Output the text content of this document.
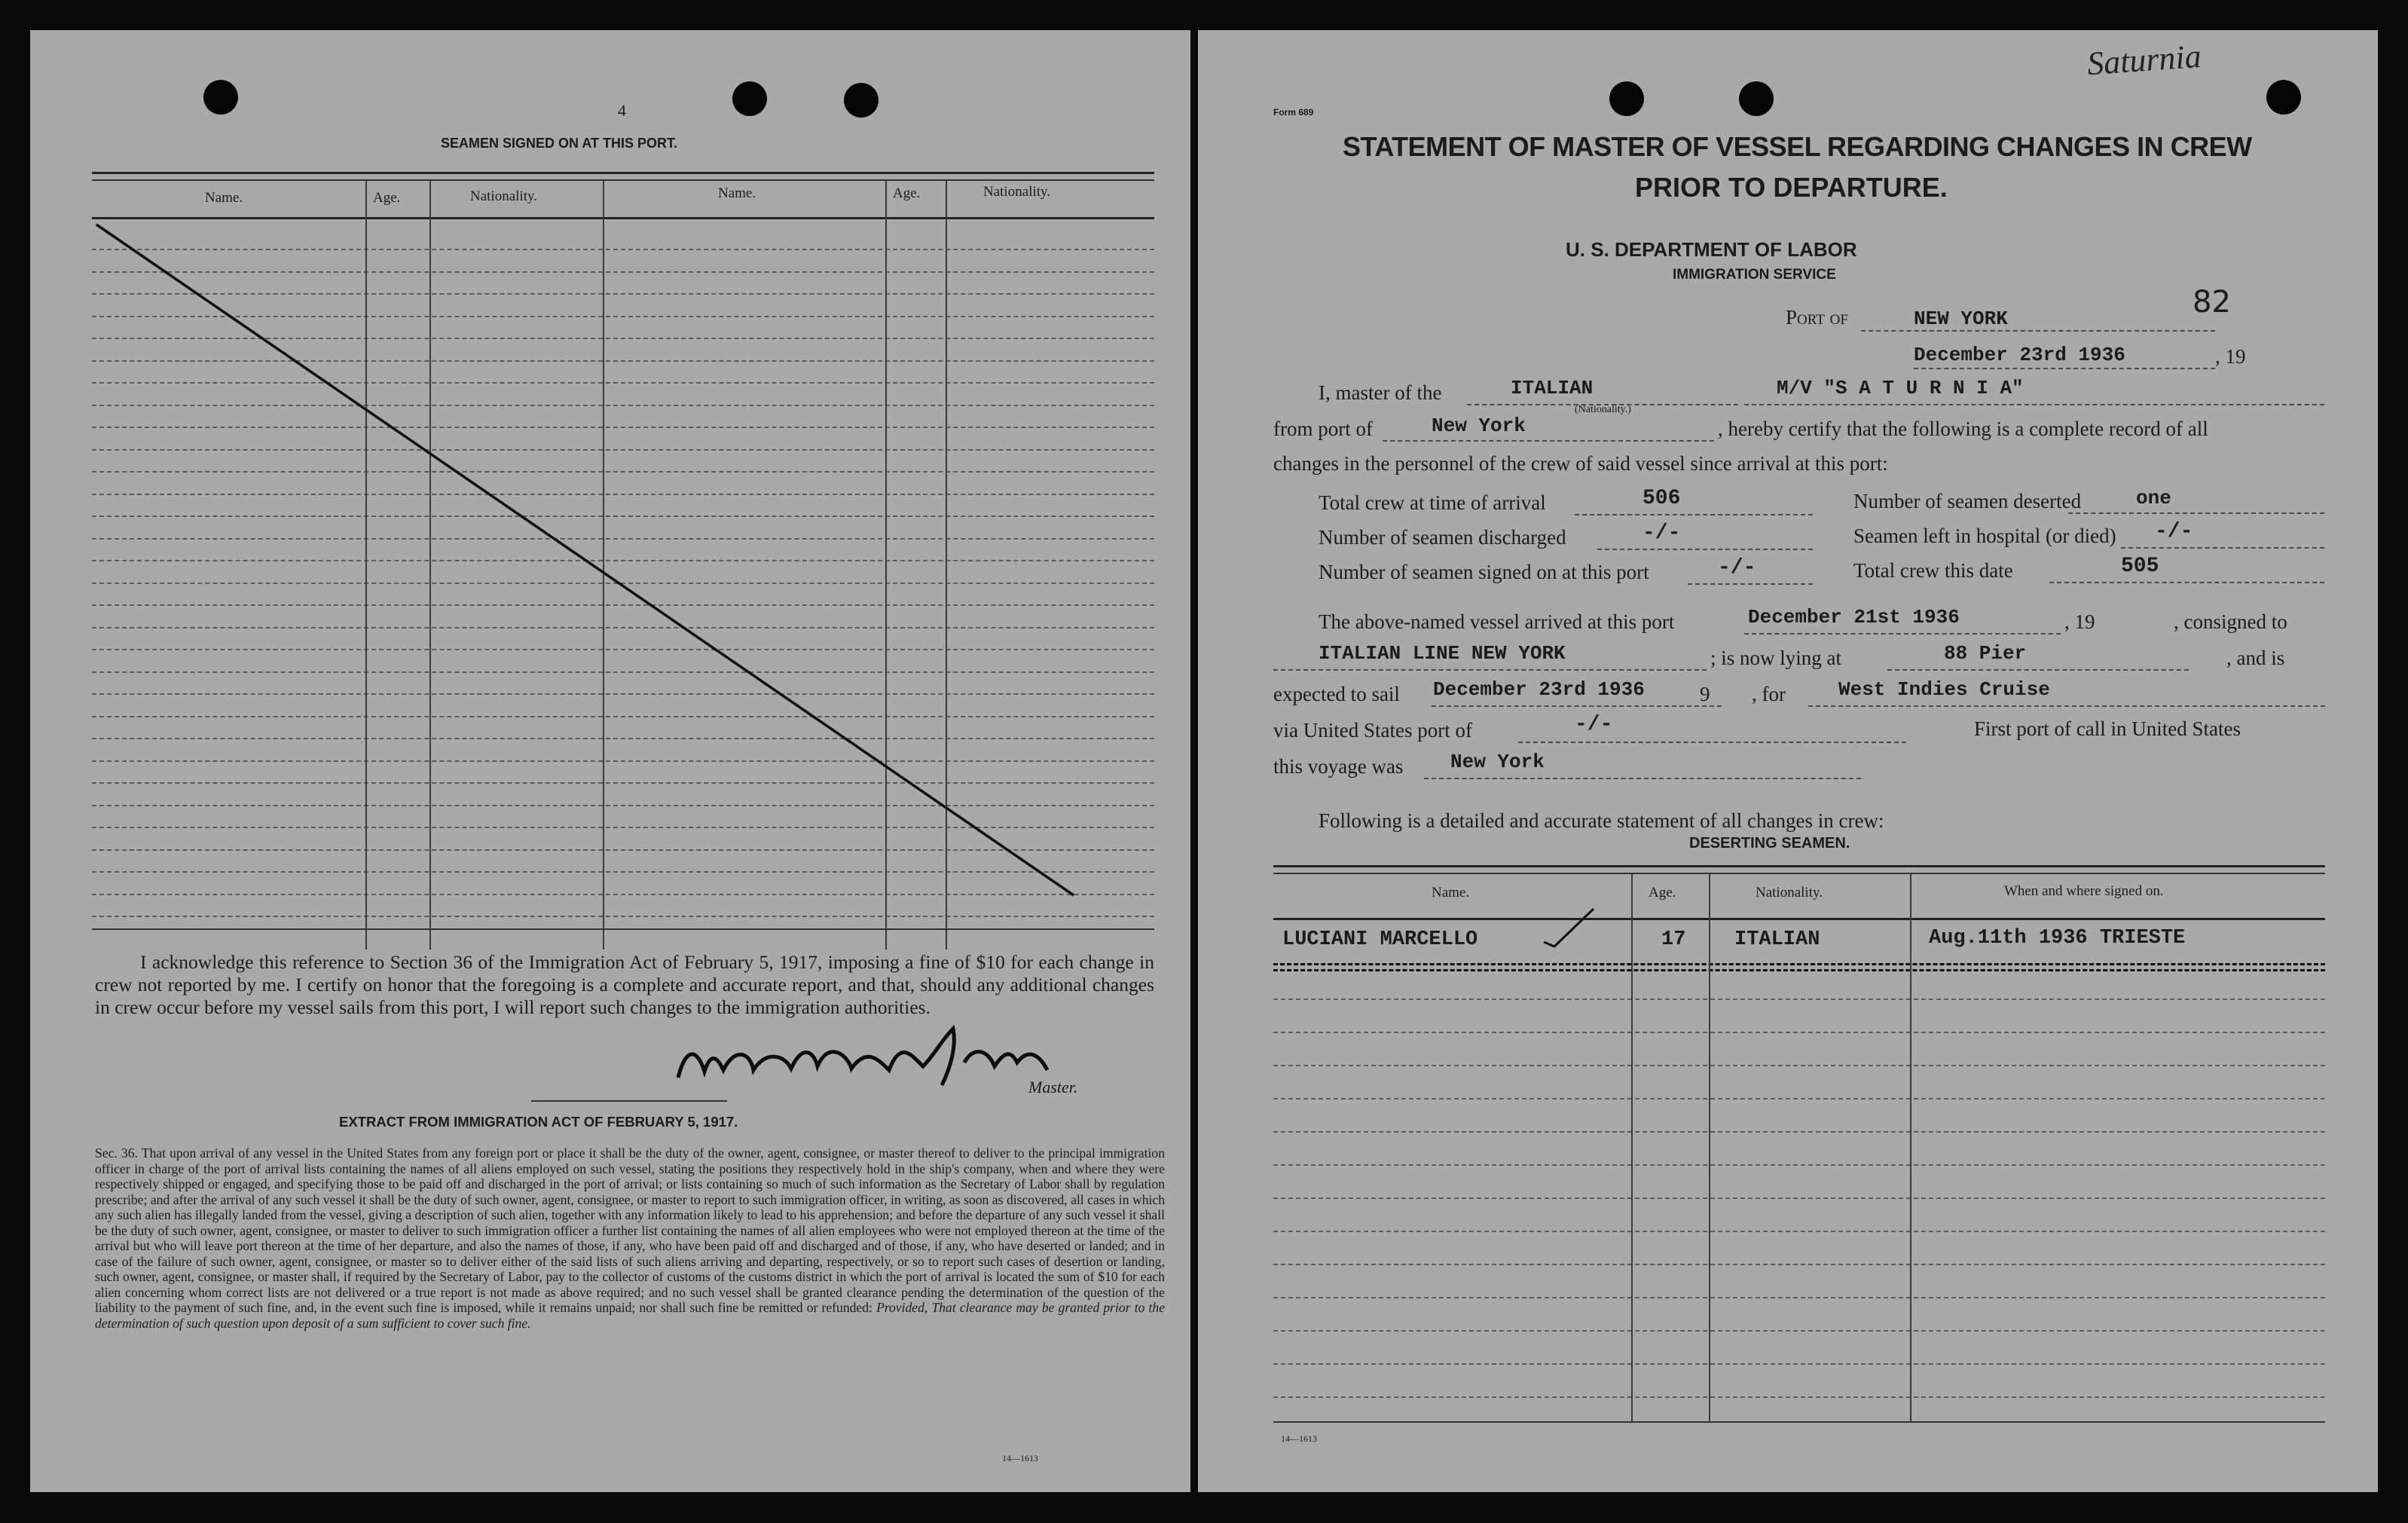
4
SEAMEN SIGNED ON AT THIS PORT.
Name.	Age.	Nationality.	Name.	Age.	Nationality.
I acknowledge this reference to Section 36 of the Immigration Act of February 5, 1917, imposing a fine of $10 for each change in crew not reported by me. I certify on honor that the foregoing is a complete and accurate report, and that, should any additional changes in crew occur before my vessel sails from this port, I will report such changes to the immigration authorities.
Master.
EXTRACT FROM IMMIGRATION ACT OF FEBRUARY 5, 1917.
Sec. 36. That upon arrival of any vessel in the United States from any foreign port or place it shall be the duty of the owner, agent, consignee, or master thereof to deliver to the principal immigration officer in charge of the port of arrival lists containing the names of all aliens employed on such vessel, stating the positions they respectively hold in the ship's company, when and where they were respectively shipped or engaged, and specifying those to be paid off and discharged in the port of arrival; or lists containing so much of such information as the Secretary of Labor shall by regulation prescribe; and after the arrival of any such vessel it shall be the duty of such owner, agent, consignee, or master to report to such immigration officer, in writing, as soon as discovered, all cases in which any such alien has illegally landed from the vessel, giving a description of such alien, together with any information likely to lead to his apprehension; and before the departure of any such vessel it shall be the duty of such owner, agent, consignee, or master to deliver to such immigration officer a further list containing the names of all alien employees who were not employed thereon at the time of the arrival but who will leave port thereon at the time of her departure, and also the names of those, if any, who have been paid off and discharged and of those, if any, who have deserted or landed; and in case of the failure of such owner, agent, consignee, or master so to deliver either of the said lists of such aliens arriving and departing, respectively, or so to report such cases of desertion or landing, such owner, agent, consignee, or master shall, if required by the Secretary of Labor, pay to the collector of customs of the customs district in which the port of arrival is located the sum of $10 for each alien concerning whom correct lists are not delivered or a true report is not made as above required; and no such vessel shall be granted clearance pending the determination of the question of the liability to the payment of such fine, and, in the event such fine is imposed, while it remains unpaid; nor shall such fine be remitted or refunded: Provided, That clearance may be granted prior to the determination of such question upon deposit of a sum sufficient to cover such fine.
14—1613
Form 689
Saturnia
STATEMENT OF MASTER OF VESSEL REGARDING CHANGES IN CREW
PRIOR TO DEPARTURE.
U. S. DEPARTMENT OF LABOR
IMMIGRATION SERVICE
Port of	NEW YORK	82
December 23rd 1936	, 19
I, master of the	ITALIAN
(Nationality.)
M/V "S A T U R N I A"
from port of	New York	, hereby certify that the following is a complete record of all
changes in the personnel of the crew of said vessel since arrival at this port:
Total crew at time of arrival	506	Number of seamen deserted	one
Number of seamen discharged	-/-	Seamen left in hospital (or died) -/-
Number of seamen signed on at this port	-/-	Total crew this date	505
The above-named vessel arrived at this port	December 21st 1936	, 19	, consigned to
ITALIAN LINE NEW YORK	; is now lying at	88 Pier	, and is
expected to sail December 23rd 1936	9 , for	West Indies Cruise
via United States port of	-/-	First port of call in United States
this voyage was New York
Following is a detailed and accurate statement of all changes in crew:
DESERTING SEAMEN.
Name.	Age.	Nationality.	When and where signed on.
LUCIANI MARCELLO	17 ITALIAN	Aug.11th 1936 TRIESTE
14—1613
